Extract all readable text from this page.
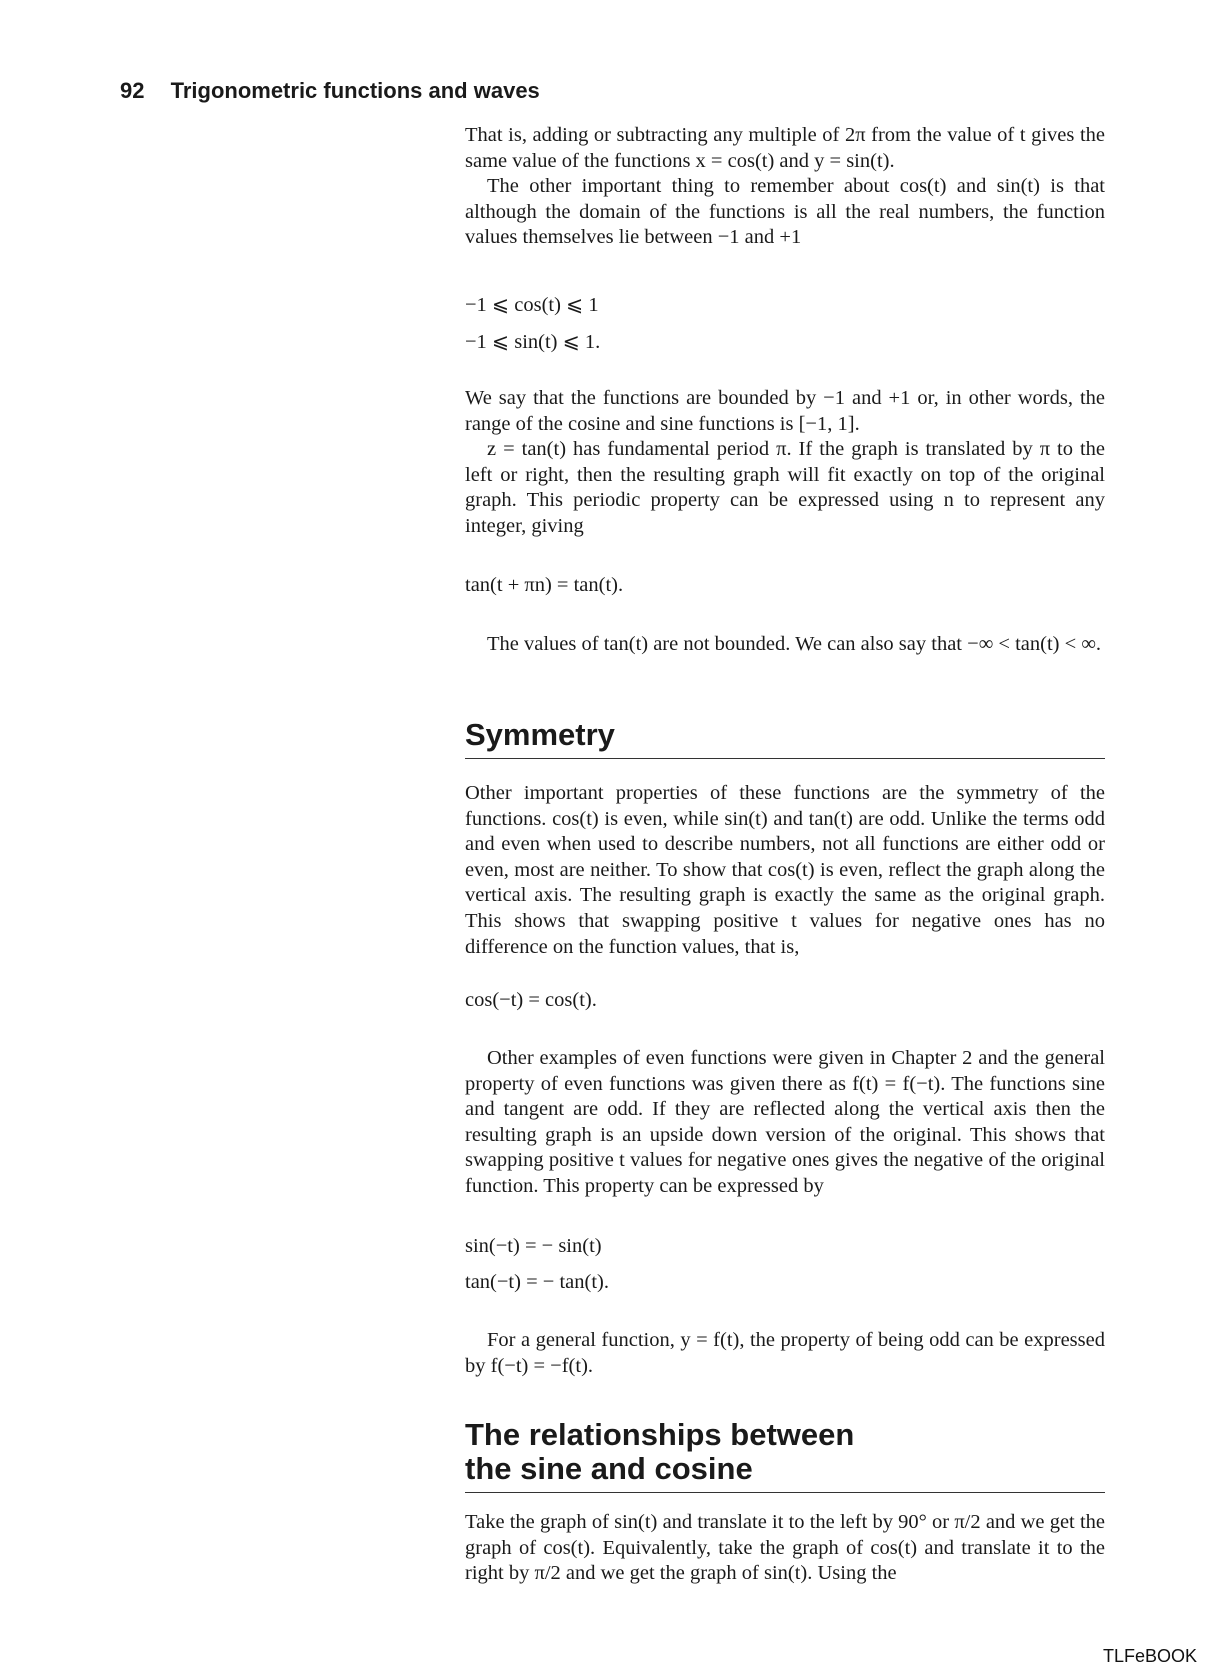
92 Trigonometric functions and waves

That is, adding or subtracting any multiple of 2π from the value of t gives the same value of the functions x = cos(t) and y = sin(t).

The other important thing to remember about cos(t) and sin(t) is that although the domain of the functions is all the real numbers, the function values themselves lie between −1 and +1

−1 ⩽ cos(t) ⩽ 1
−1 ⩽ sin(t) ⩽ 1.

We say that the functions are bounded by −1 and +1 or, in other words, the range of the cosine and sine functions is [−1, 1].

z = tan(t) has fundamental period π. If the graph is translated by π to the left or right, then the resulting graph will fit exactly on top of the original graph. This periodic property can be expressed using n to represent any integer, giving

tan(t + πn) = tan(t).

The values of tan(t) are not bounded. We can also say that −∞ < tan(t) < ∞.

Symmetry

Other important properties of these functions are the symmetry of the functions. cos(t) is even, while sin(t) and tan(t) are odd. Unlike the terms odd and even when used to describe numbers, not all functions are either odd or even, most are neither. To show that cos(t) is even, reflect the graph along the vertical axis. The resulting graph is exactly the same as the original graph. This shows that swapping positive t values for negative ones has no difference on the function values, that is,

cos(−t) = cos(t).

Other examples of even functions were given in Chapter 2 and the general property of even functions was given there as f(t) = f(−t). The functions sine and tangent are odd. If they are reflected along the vertical axis then the resulting graph is an upside down version of the original. This shows that swapping positive t values for negative ones gives the negative of the original function. This property can be expressed by

sin(−t) = − sin(t)
tan(−t) = − tan(t).

For a general function, y = f(t), the property of being odd can be expressed by f(−t) = −f(t).

The relationships between
the sine and cosine

Take the graph of sin(t) and translate it to the left by 90° or π/2 and we get the graph of cos(t). Equivalently, take the graph of cos(t) and translate it to the right by π/2 and we get the graph of sin(t). Using the

TLFeBOOK
